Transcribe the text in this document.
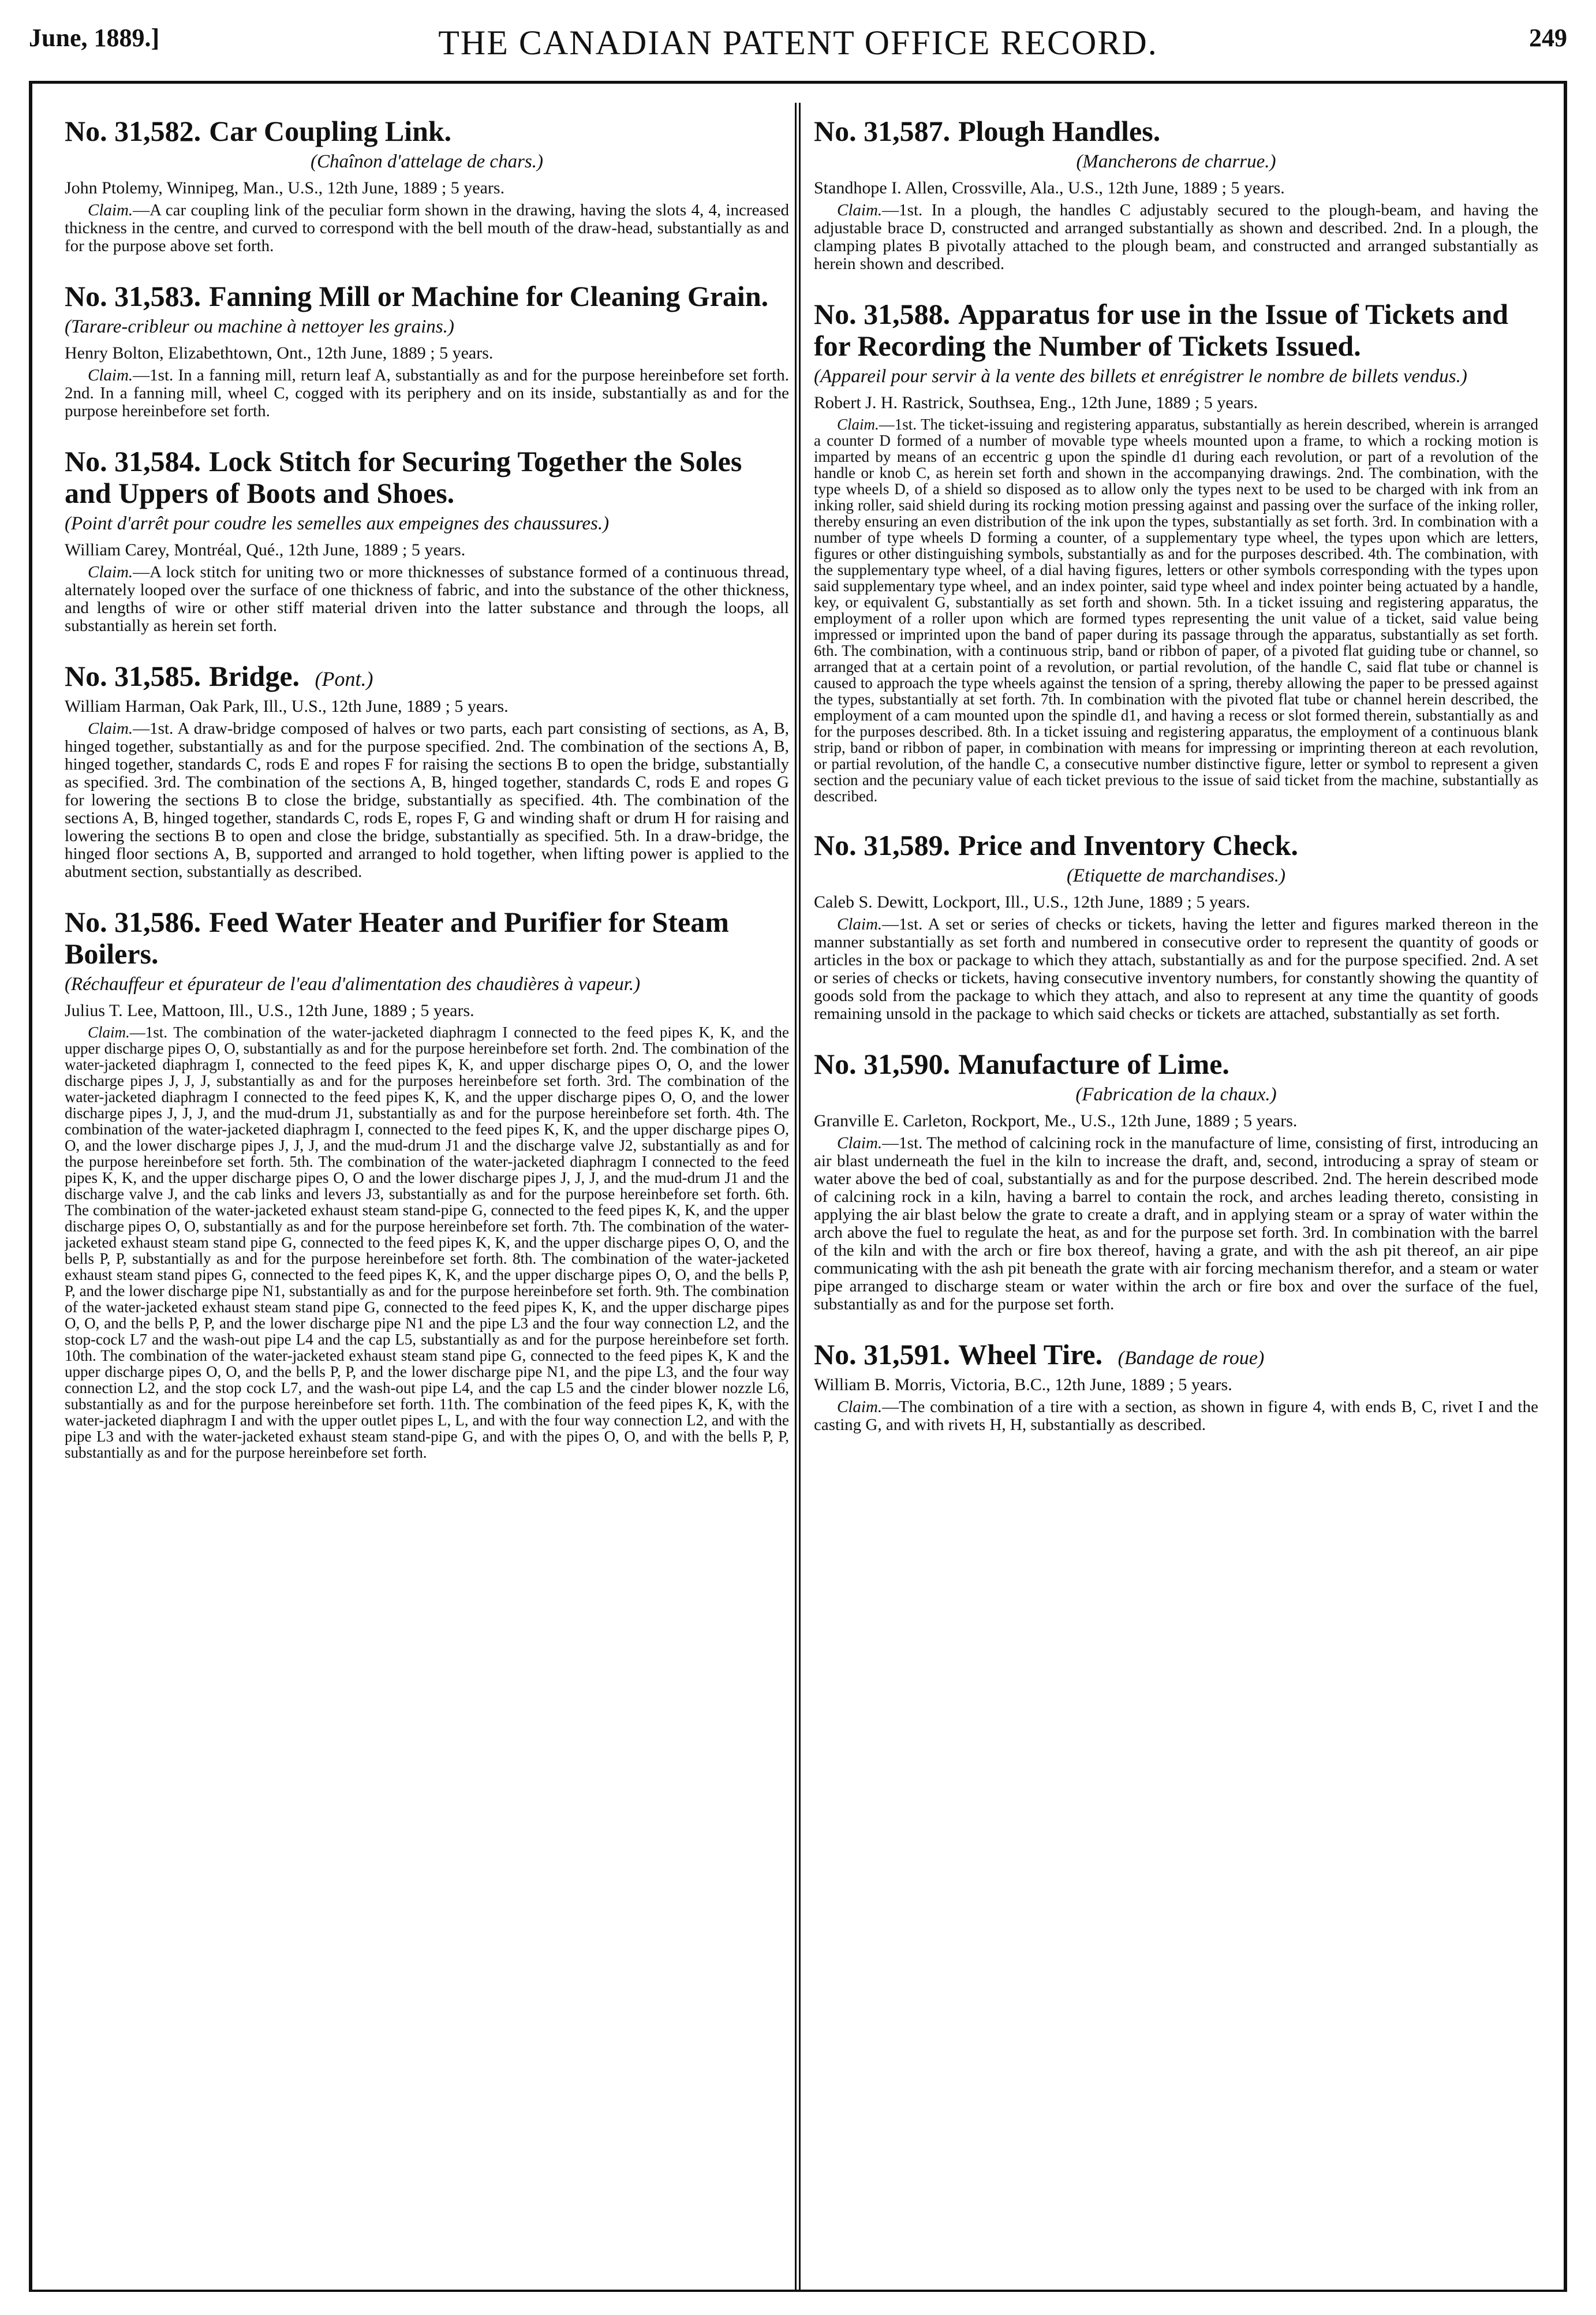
June, 1889.]	THE CANADIAN PATENT OFFICE RECORD.	249
No. 31,582. Car Coupling Link.
(Chaînon d'attelage de chars.)
John Ptolemy, Winnipeg, Man., U.S., 12th June, 1889 ; 5 years.

Claim.—A car coupling link of the peculiar form shown in the drawing, having the slots 4, 4, increased thickness in the centre, and curved to correspond with the bell mouth of the draw-head, substantially as and for the purpose above set forth.

No. 31,583. Fanning Mill or Machine for Cleaning Grain.
(Tarare-cribleur ou machine à nettoyer les grains.)
Henry Bolton, Elizabethtown, Ont., 12th June, 1889 ; 5 years.

Claim.—1st. In a fanning mill, return leaf A, substantially as and for the purpose hereinbefore set forth. 2nd. In a fanning mill, wheel C, cogged with its periphery and on its inside, substantially as and for the purpose hereinbefore set forth.

No. 31,584. Lock Stitch for Securing Together the Soles and Uppers of Boots and Shoes.
(Point d'arrêt pour coudre les semelles aux empeignes des chaussures.)
William Carey, Montréal, Qué., 12th June, 1889 ; 5 years.

Claim.—A lock stitch for uniting two or more thicknesses of substance formed of a continuous thread, alternately looped over the surface of one thickness of fabric, and into the substance of the other thickness, and lengths of wire or other stiff material driven into the latter substance and through the loops, all substantially as herein set forth.

No. 31,585. Bridge. (Pont.)
William Harman, Oak Park, Ill., U.S., 12th June, 1889 ; 5 years.

Claim.—1st. A draw-bridge composed of halves or two parts, each part consisting of sections, as A, B, hinged together, substantially as and for the purpose specified. 2nd. The combination of the sections A, B, hinged together, standards C, rods E and ropes F for raising the sections B to open the bridge, substantially as specified. 3rd. The combination of the sections A, B, hinged together, standards C, rods E and ropes G for lowering the sections B to close the bridge, substantially as specified. 4th. The combination of the sections A, B, hinged together, standards C, rods E, ropes F, G and winding shaft or drum H for raising and lowering the sections B to open and close the bridge, substantially as specified. 5th. In a draw-bridge, the hinged floor sections A, B, supported and arranged to hold together, when lifting power is applied to the abutment section, substantially as described.

No. 31,586. Feed Water Heater and Purifier for Steam Boilers.
(Réchauffeur et épurateur de l'eau d'alimentation des chaudières à vapeur.)
Julius T. Lee, Mattoon, Ill., U.S., 12th June, 1889 ; 5 years.

Claim.—1st. The combination of the water-jacketed diaphragm I connected to the feed pipes K, K, and the upper discharge pipes O, O, substantially as and for the purpose hereinbefore set forth. 2nd. The combination of the water-jacketed diaphragm I, connected to the feed pipes K, K, and upper discharge pipes O, O, and the lower discharge pipes J, J, J, substantially as and for the purposes hereinbefore set forth. 3rd. The combination of the water-jacketed diaphragm I connected to the feed pipes K, K, and the upper discharge pipes O, O, and the lower discharge pipes J, J, J, and the mud-drum J1, substantially as and for the purpose hereinbefore set forth. 4th. The combination of the water-jacketed diaphragm I, connected to the feed pipes K, K, and the upper discharge pipes O, O, and the lower discharge pipes J, J, J, and the mud-drum J1 and the discharge valve J2, substantially as and for the purpose hereinbefore set forth. 5th. The combination of the water-jacketed diaphragm I connected to the feed pipes K, K, and the upper discharge pipes O, O and the lower discharge pipes J, J, J, and the mud-drum J1 and the discharge valve J, and the cab links and levers J3, substantially as and for the purpose hereinbefore set forth. 6th. The combination of the water-jacketed exhaust steam stand-pipe G, connected to the feed pipes K, K, and the upper discharge pipes O, O, substantially as and for the purpose hereinbefore set forth. 7th. The combination of the water-jacketed exhaust steam stand pipe G, connected to the feed pipes K, K, and the upper discharge pipes O, O, and the bells P, P, substantially as and for the purpose hereinbefore set forth. 8th. The combination of the water-jacketed exhaust steam stand pipes G, connected to the feed pipes K, K, and the upper discharge pipes O, O, and the bells P, P, and the lower discharge pipe N1, substantially as and for the purpose hereinbefore set forth. 9th. The combination of the water-jacketed exhaust steam stand pipe G, connected to the feed pipes K, K, and the upper discharge pipes O, O, and the bells P, P, and the lower discharge pipe N1 and the pipe L3 and the four way connection L2, and the stop-cock L7 and the wash-out pipe L4 and the cap L5, substantially as and for the purpose hereinbefore set forth. 10th. The combination of the water-jacketed exhaust steam stand pipe G, connected to the feed pipes K, K and the upper discharge pipes O, O, and the bells P, P, and the lower discharge pipe N1, and the pipe L3, and the four way connection L2, and the stop cock L7, and the wash-out pipe L4, and the cap L5 and the cinder blower nozzle L6, substantially as and for the purpose hereinbefore set forth. 11th. The combination of the feed pipes K, K, with the water-jacketed diaphragm I and with the upper outlet pipes L, L, and with the four way connection L2, and with the pipe L3 and with the water-jacketed exhaust steam stand-pipe G, and with the pipes O, O, and with the bells P, P, substantially as and for the purpose hereinbefore set forth.

No. 31,587. Plough Handles.
(Mancherons de charrue.)
Standhope I. Allen, Crossville, Ala., U.S., 12th June, 1889 ; 5 years.

Claim.—1st. In a plough, the handles C adjustably secured to the plough-beam, and having the adjustable brace D, constructed and arranged substantially as shown and described. 2nd. In a plough, the clamping plates B pivotally attached to the plough beam, and constructed and arranged substantially as herein shown and described.

No. 31,588. Apparatus for use in the Issue of Tickets and for Recording the Number of Tickets Issued.
(Appareil pour servir à la vente des billets et enrégistrer le nombre de billets vendus.)
Robert J. H. Rastrick, Southsea, Eng., 12th June, 1889 ; 5 years.

Claim.—1st. The ticket-issuing and registering apparatus, substantially as herein described, wherein is arranged a counter D formed of a number of movable type wheels mounted upon a frame, to which a rocking motion is imparted by means of an eccentric g upon the spindle d1 during each revolution, or part of a revolution of the handle or knob C, as herein set forth and shown in the accompanying drawings. 2nd. The combination, with the type wheels D, of a shield so disposed as to allow only the types next to be used to be charged with ink from an inking roller, said shield during its rocking motion pressing against and passing over the surface of the inking roller, thereby ensuring an even distribution of the ink upon the types, substantially as set forth. 3rd. In combination with a number of type wheels D forming a counter, of a supplementary type wheel, the types upon which are letters, figures or other distinguishing symbols, substantially as and for the purposes described. 4th. The combination, with the supplementary type wheel, of a dial having figures, letters or other symbols corresponding with the types upon said supplementary type wheel, and an index pointer, said type wheel and index pointer being actuated by a handle, key, or equivalent G, substantially as set forth and shown. 5th. In a ticket issuing and registering apparatus, the employment of a roller upon which are formed types representing the unit value of a ticket, said value being impressed or imprinted upon the band of paper during its passage through the apparatus, substantially as set forth. 6th. The combination, with a continuous strip, band or ribbon of paper, of a pivoted flat guiding tube or channel, so arranged that at a certain point of a revolution, or partial revolution, of the handle C, said flat tube or channel is caused to approach the type wheels against the tension of a spring, thereby allowing the paper to be pressed against the types, substantially at set forth. 7th. In combination with the pivoted flat tube or channel herein described, the employment of a cam mounted upon the spindle d1, and having a recess or slot formed therein, substantially as and for the purposes described. 8th. In a ticket issuing and registering apparatus, the employment of a continuous blank strip, band or ribbon of paper, in combination with means for impressing or imprinting thereon at each revolution, or partial revolution, of the handle C, a consecutive number distinctive figure, letter or symbol to represent a given section and the pecuniary value of each ticket previous to the issue of said ticket from the machine, substantially as described.

No. 31,589. Price and Inventory Check.
(Etiquette de marchandises.)
Caleb S. Dewitt, Lockport, Ill., U.S., 12th June, 1889 ; 5 years.

Claim.—1st. A set or series of checks or tickets, having the letter and figures marked thereon in the manner substantially as set forth and numbered in consecutive order to represent the quantity of goods or articles in the box or package to which they attach, substantially as and for the purpose specified. 2nd. A set or series of checks or tickets, having consecutive inventory numbers, for constantly showing the quantity of goods sold from the package to which they attach, and also to represent at any time the quantity of goods remaining unsold in the package to which said checks or tickets are attached, substantially as set forth.

No. 31,590. Manufacture of Lime.
(Fabrication de la chaux.)
Granville E. Carleton, Rockport, Me., U.S., 12th June, 1889 ; 5 years.

Claim.—1st. The method of calcining rock in the manufacture of lime, consisting of first, introducing an air blast underneath the fuel in the kiln to increase the draft, and, second, introducing a spray of steam or water above the bed of coal, substantially as and for the purpose described. 2nd. The herein described mode of calcining rock in a kiln, having a barrel to contain the rock, and arches leading thereto, consisting in applying the air blast below the grate to create a draft, and in applying steam or a spray of water within the arch above the fuel to regulate the heat, as and for the purpose set forth. 3rd. In combination with the barrel of the kiln and with the arch or fire box thereof, having a grate, and with the ash pit thereof, an air pipe communicating with the ash pit beneath the grate with air forcing mechanism therefor, and a steam or water pipe arranged to discharge steam or water within the arch or fire box and over the surface of the fuel, substantially as and for the purpose set forth.

No. 31,591. Wheel Tire. (Bandage de roue)
William B. Morris, Victoria, B.C., 12th June, 1889 ; 5 years.

Claim.—The combination of a tire with a section, as shown in figure 4, with ends B, C, rivet I and the casting G, and with rivets H, H, substantially as described.
